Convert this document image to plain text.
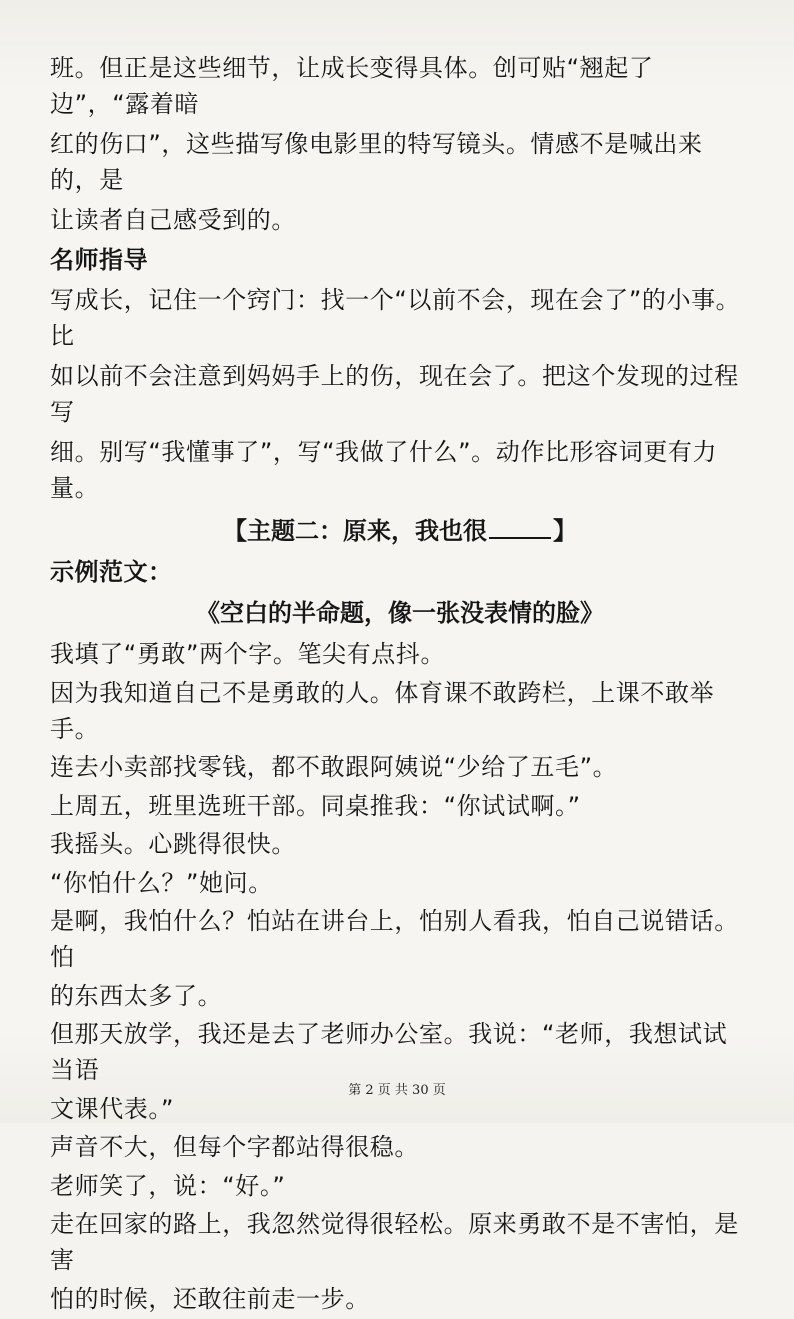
班。但正是这些细节，让成长变得具体。创可贴“翘起了边”，“露着暗

红的伤口”，这些描写像电影里的特写镜头。情感不是喊出来的，是

让读者自己感受到的。

名师指导

写成长，记住一个窍门：找一个“以前不会，现在会了”的小事。比

如以前不会注意到妈妈手上的伤，现在会了。把这个发现的过程写

细。别写“我懂事了”，写“我做了什么”。动作比形容词更有力量。

【主题二：原来，我也很	】
示例范文：
《空白的半命题，像一张没表情的脸》

我填了“勇敢”两个字。笔尖有点抖。

因为我知道自己不是勇敢的人。体育课不敢跨栏，上课不敢举手。

连去小卖部找零钱，都不敢跟阿姨说“少给了五毛”。

上周五，班里选班干部。同桌推我：“你试试啊。”

我摇头。心跳得很快。

“你怕什么？”她问。

是啊，我怕什么？怕站在讲台上，怕别人看我，怕自己说错话。怕

的东西太多了。

但那天放学，我还是去了老师办公室。我说：“老师，我想试试当语

文课代表。”

声音不大，但每个字都站得很稳。

老师笑了，说：“好。”

走在回家的路上，我忽然觉得很轻松。原来勇敢不是不害怕，是害

怕的时候，还敢往前走一步。

第 2 页 共 30 页
